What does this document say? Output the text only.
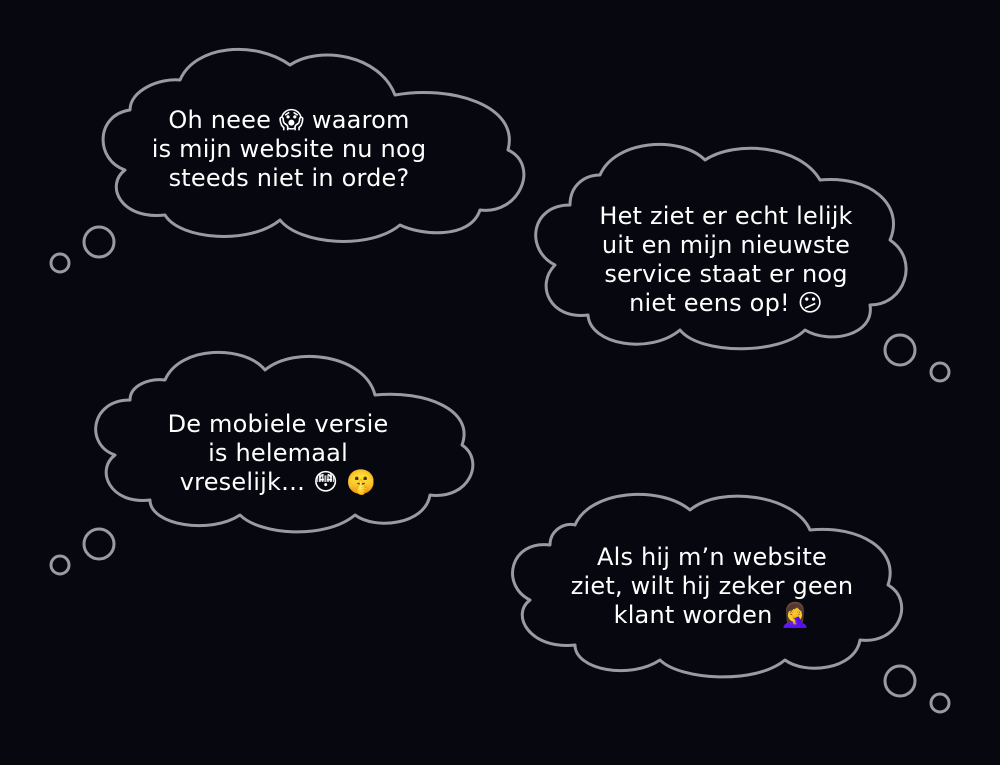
Oh neee 😱 waarom
is mijn website nu nog
steeds niet in orde?
Het ziet er echt lelijk
uit en mijn nieuwste
service staat er nog
niet eens op! 😕
De mobiele versie
is helemaal
vreselijk… 😳 🤫
Als hij m’n website
ziet, wilt hij zeker geen
klant worden 🤦‍♀️
